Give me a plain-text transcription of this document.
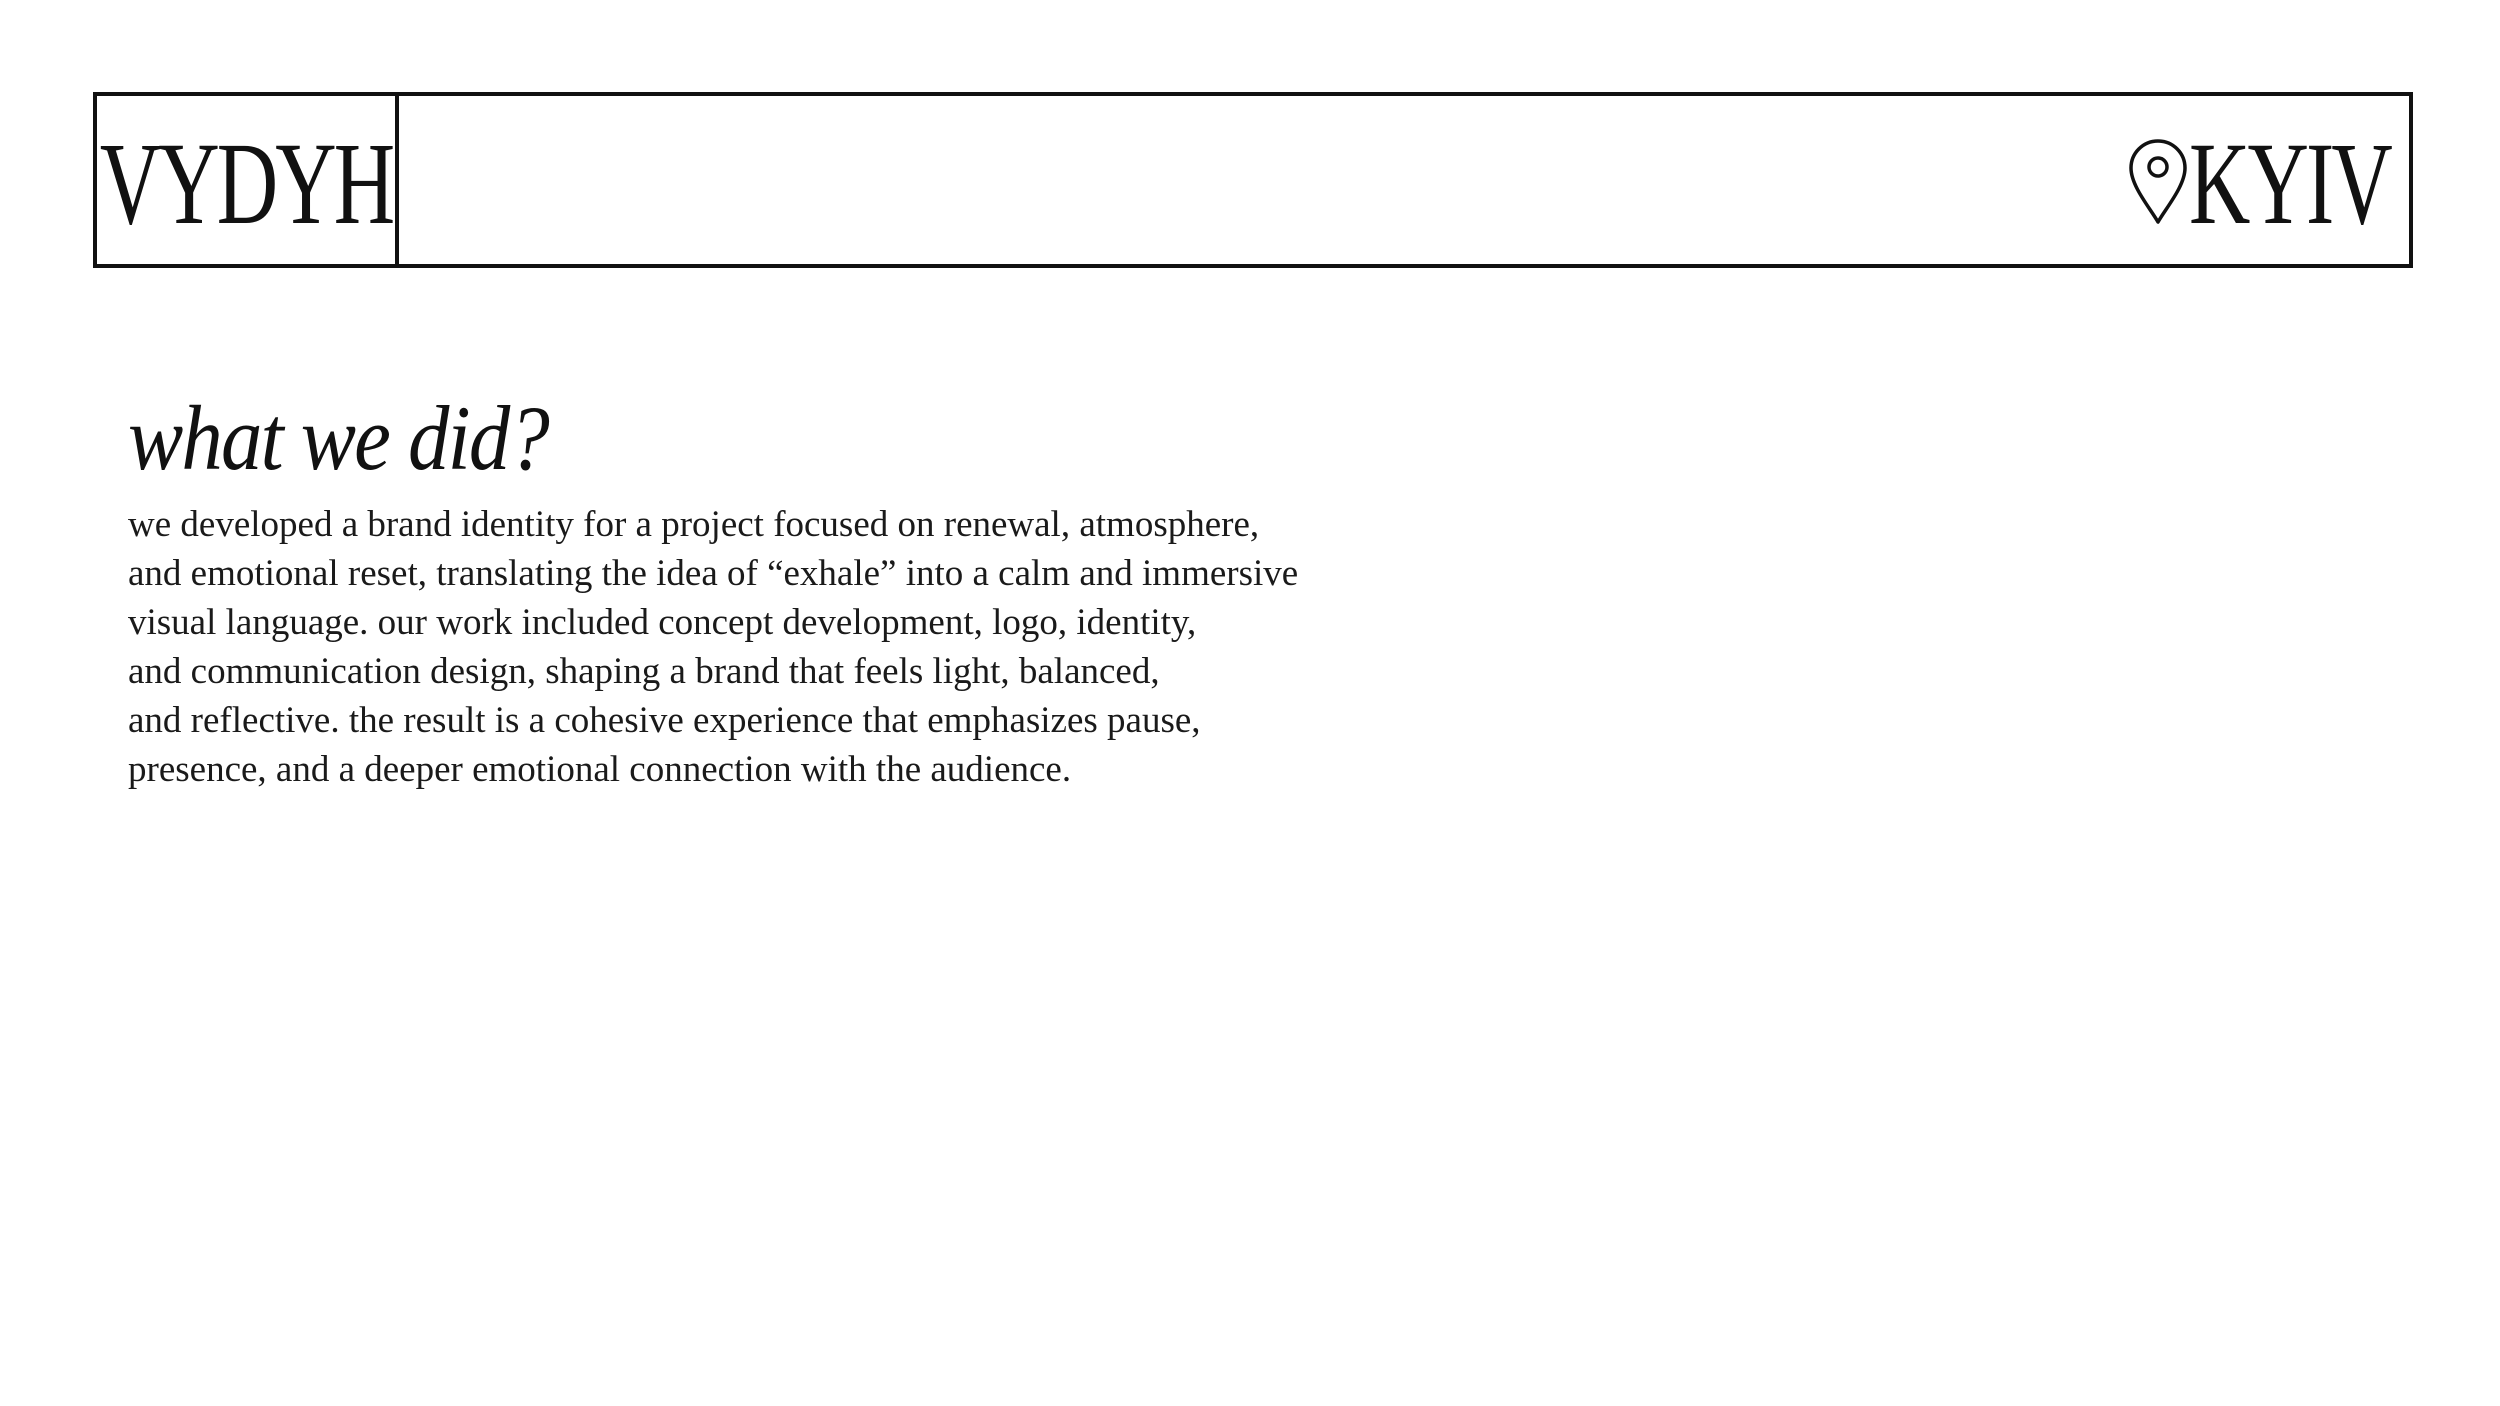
VYDYH	KYIV
what we did?

we developed a brand identity for a project focused on renewal, atmosphere,
and emotional reset, translating the idea of “exhale” into a calm and immersive
visual language. our work included concept development, logo, identity,
and communication design, shaping a brand that feels light, balanced,
and reflective. the result is a cohesive experience that emphasizes pause,
presence, and a deeper emotional connection with the audience.
